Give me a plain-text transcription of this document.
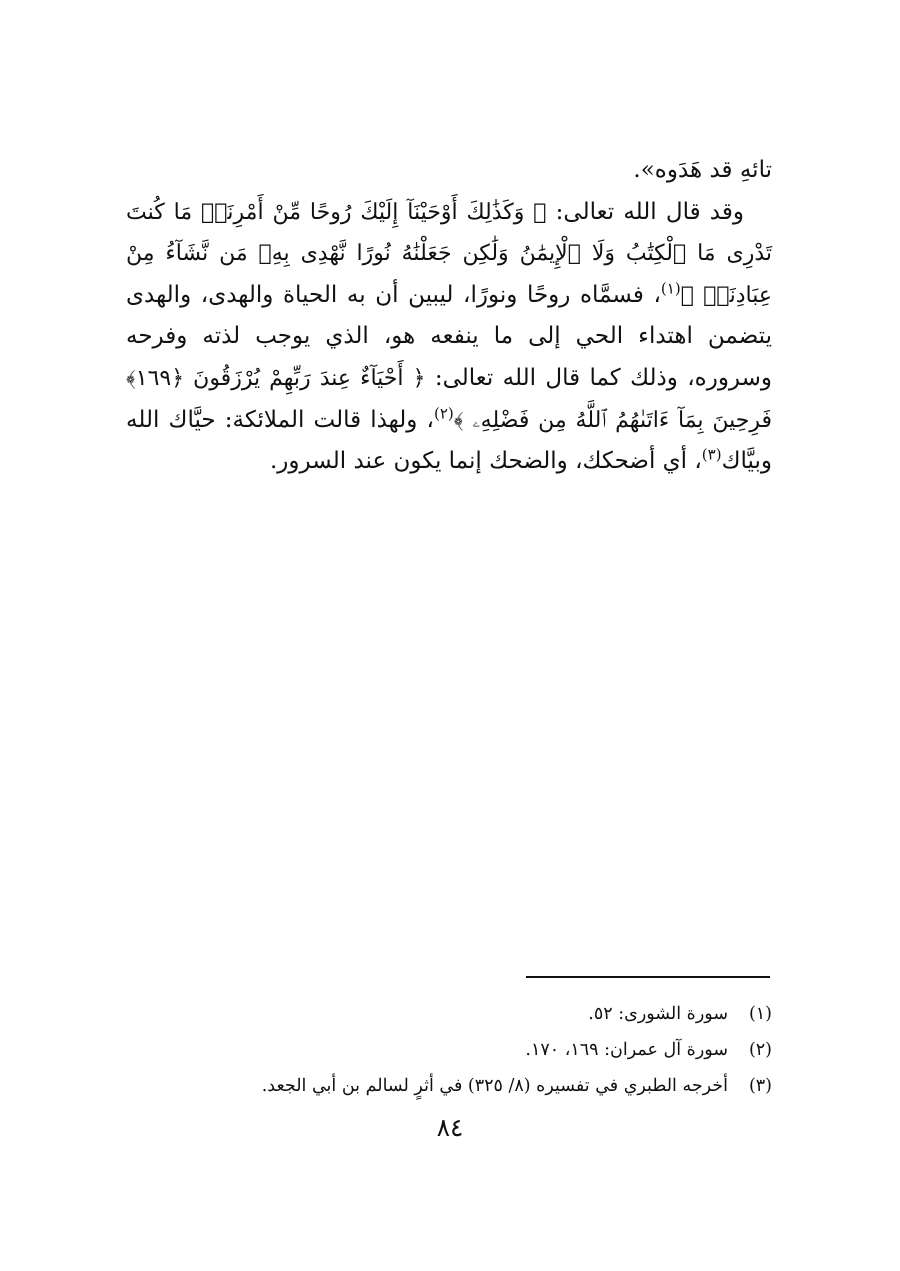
تائهِ قد هَدَوه».

وقد قال الله تعالى: ﴿ وَكَذَٰلِكَ أَوْحَيْنَآ إِلَيْكَ رُوحًا مِّنْ أَمْرِنَاۚ مَا كُنتَ تَدْرِى مَا ٱلْكِتَٰبُ وَلَا ٱلْإِيمَٰنُ وَلَٰكِن جَعَلْنَٰهُ نُورًا نَّهْدِى بِهِۦ مَن نَّشَآءُ مِنْ عِبَادِنَاۚ ﴾$^{(١)}$، فسمَّاه روحًا ونورًا، ليبين أن به الحياة والهدى، والهدى يتضمن اهتداء الحي إلى ما ينفعه هو، الذي يوجب لذته وفرحه وسروره، وذلك كما قال الله تعالى: ﴿ أَحْيَآءٌ عِندَ رَبِّهِمْ يُرْزَقُونَ ﴿١٦٩﴾ فَرِحِينَ بِمَآ ءَاتَىٰهُمُ ٱللَّهُ مِن فَضْلِهِۦ ﴾$^{(٢)}$، ولهذا قالت الملائكة: حيَّاك الله وبيَّاك$^{(٣)}$، أي أضحكك، والضحك إنما يكون عند السرور.

(١)
سورة الشورى: ٥٢.
(٢)
سورة آل عمران: ١٦٩، ١٧٠.
(٣)
أخرجه الطبري في تفسيره (٨/ ٣٢٥) في أثرٍ لسالم بن أبي الجعد.
٨٤
